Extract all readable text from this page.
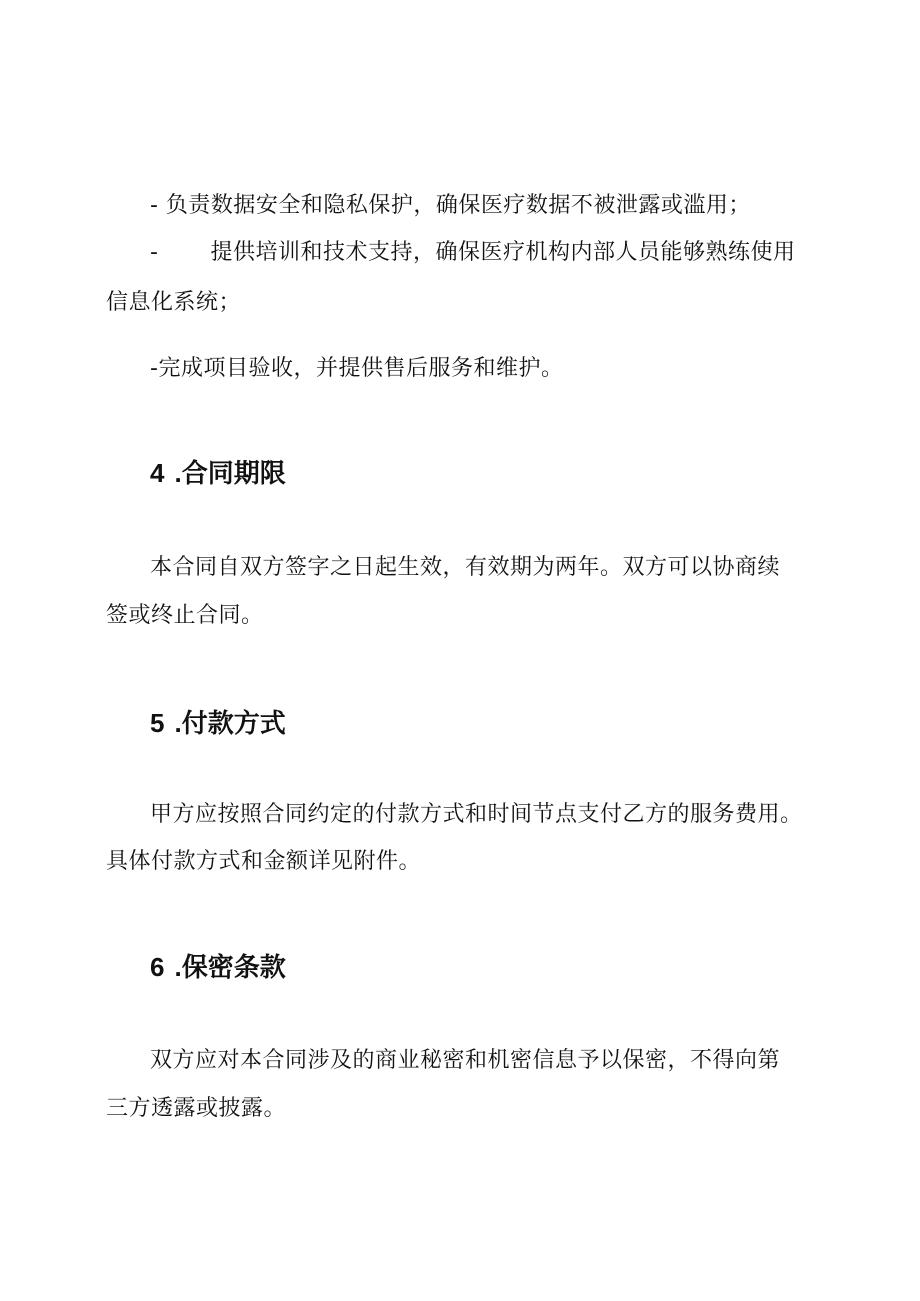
- 负责数据安全和隐私保护，确保医疗数据不被泄露或滥用；
- 提供培训和技术支持，确保医疗机构内部人员能够熟练使用
信息化系统；
-完成项目验收，并提供售后服务和维护。
4 .合同期限
本合同自双方签字之日起生效，有效期为两年。双方可以协商续
签或终止合同。
5 .付款方式
甲方应按照合同约定的付款方式和时间节点支付乙方的服务费用。
具体付款方式和金额详见附件。
6 .保密条款
双方应对本合同涉及的商业秘密和机密信息予以保密，不得向第
三方透露或披露。
